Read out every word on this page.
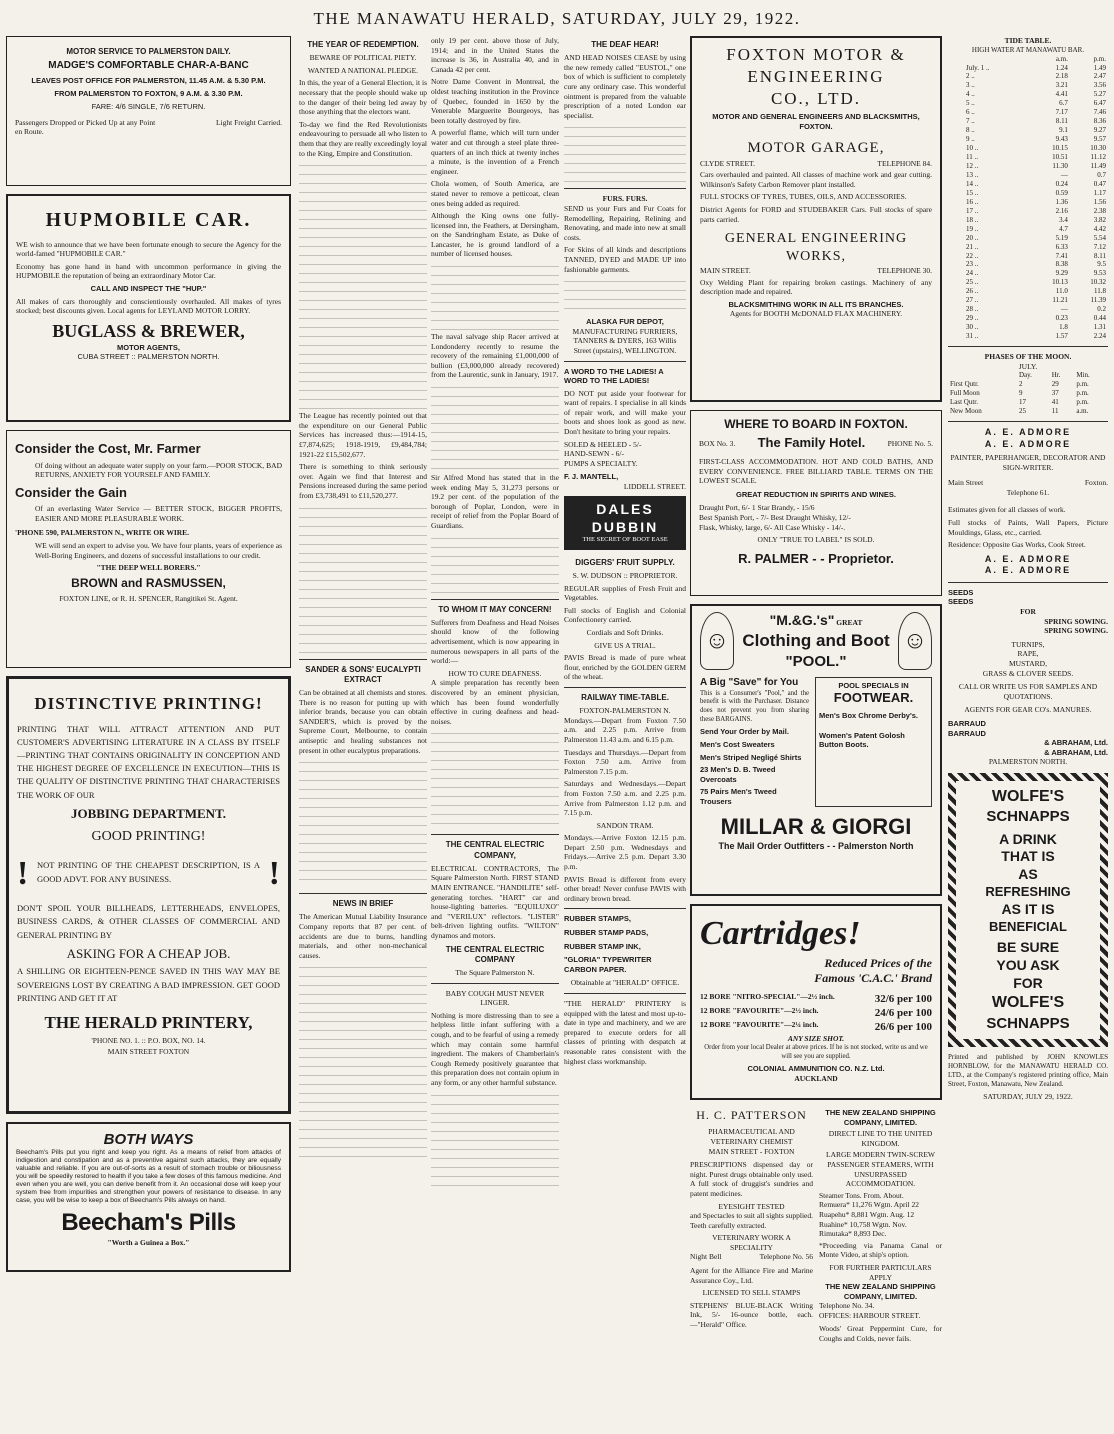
THE MANAWATU HERALD, SATURDAY, JULY 29, 1922.
MOTOR SERVICE TO PALMERSTON DAILY.
MADGE'S COMFORTABLE CHAR-A-BANC
LEAVES POST OFFICE FOR PALMERSTON, 11.45 A.M. & 5.30 P.M.
FROM PALMERSTON TO FOXTON, 9 A.M. & 3.30 P.M.
FARE: 4/6 SINGLE, 7/6 RETURN.
Passengers Dropped or Picked Up at any Point en Route.
Light Freight Carried.
HUPMOBILE CAR.
WE wish to announce that we have been fortunate enough to secure the Agency for the world-famed "HUPMOBILE CAR."
Economy has gone hand in hand with uncommon performance in giving the HUPMOBILE the reputation of being an extraordinary Motor Car.
CALL AND INSPECT THE "HUP."
All makes of cars thoroughly and conscientiously overhauled. All makes of tyres stocked; best discounts given. Local agents for LEYLAND MOTOR LORRY.
BUGLASS & BREWER,
MOTOR AGENTS,
CUBA STREET :: PALMERSTON NORTH.
Consider the Cost, Mr. Farmer
Of doing without an adequate water supply on your farm.—POOR STOCK, BAD RETURNS, ANXIETY FOR YOURSELF AND FAMILY.
Consider the Gain
Of an everlasting Water Service — BETTER STOCK, BIGGER PROFITS, EASIER AND MORE PLEASURABLE WORK.
'PHONE 590, PALMERSTON N., WRITE OR WIRE.
WE will send an expert to advise you. We have four plants, years of experience as Well-Boring Engineers, and dozens of successful installations to our credit.
"THE DEEP WELL BORERS."
BROWN and RASMUSSEN,
FOXTON LINE, or R. H. SPENCER, Rangitikei St. Agent.
DISTINCTIVE PRINTING!
PRINTING THAT WILL ATTRACT ATTENTION AND PUT CUSTOMER'S ADVERTISING LITERATURE IN A CLASS BY ITSELF—PRINTING THAT CONTAINS ORIGINALITY IN CONCEPTION AND THE HIGHEST DEGREE OF EXCELLENCE IN EXECUTION—THIS IS THE QUALITY OF DISTINCTIVE PRINTING THAT CHARACTERISES THE WORK OF OUR
JOBBING DEPARTMENT.
GOOD PRINTING!
!	NOT PRINTING OF THE CHEAPEST DESCRIPTION, IS A GOOD ADVT. FOR ANY BUSINESS.	!
DON'T SPOIL YOUR BILLHEADS, LETTERHEADS, ENVELOPES, BUSINESS CARDS, & OTHER CLASSES OF COMMERCIAL AND GENERAL PRINTING BY
ASKING FOR A CHEAP JOB.
A SHILLING OR EIGHTEEN-PENCE SAVED IN THIS WAY MAY BE SOVEREIGNS LOST BY CREATING A BAD IMPRESSION. GET GOOD PRINTING AND GET IT AT
THE HERALD PRINTERY,
'PHONE NO. 1. :: P.O. BOX, NO. 14.
MAIN STREET FOXTON
BOTH WAYS
Beecham's Pills put you right and keep you right. As a means of relief from attacks of indigestion and constipation and as a preventive against such attacks, they are equally valuable and reliable. If you are out-of-sorts as a result of stomach trouble or biliousness you will be speedily restored to health if you take a few doses of this famous medicine. And even when you are well, you can derive benefit from it. An occasional dose will keep your system free from impurities and strengthen your powers of resistance to disease. In any case, you will be wise to keep a box of Beecham's Pills always on hand.
Beecham's Pills
"Worth a Guinea a Box."
THE YEAR OF REDEMPTION.
BEWARE OF POLITICAL PIETY.
WANTED A NATIONAL PLEDGE.
In this, the year of a General Election, it is necessary that the people should wake up to the danger of their being led away by those anything that the electors want.
To-day we find the Red Revolutionists endeavouring to persuade all who listen to them that they are really exceedingly loyal to the King, Empire and Constitution.
The League has recently pointed out that the expenditure on our General Public Services has increased thus:—1914-15, £7,874,625; 1918-1919, £9,484,784; 1921-22 £15,502,677.
There is something to think seriously over. Again we find that Interest and Pensions increased during the same period from £3,738,491 to £11,520,277.
SANDER & SONS' EUCALYPTI EXTRACT
Can be obtained at all chemists and stores. There is no reason for putting up with inferior brands, because you can obtain SANDER'S, which is proved by the Supreme Court, Melbourne, to contain antiseptic and healing substances not present in other eucalyptus preparations.
NEWS IN BRIEF
The American Mutual Liability Insurance Company reports that 87 per cent. of accidents are due to burns, handling materials, and other non-mechanical causes.
only 19 per cent. above those of July, 1914; and in the United States the increase is 36, in Australia 40, and in Canada 42 per cent.
Notre Dame Convent in Montreal, the oldest teaching institution in the Province of Quebec, founded in 1650 by the Venerable Marguerite Bourgeoys, has been totally destroyed by fire.
A powerful flame, which will turn under water and cut through a steel plate three-quarters of an inch thick at twenty inches a minute, is the invention of a French engineer.
Chola women, of South America, are stated never to remove a petticoat, clean ones being added as required.
Although the King owns one fully-licensed inn, the Feathers, at Dersingham, on the Sandringham Estate, as Duke of Lancaster, he is ground landlord of a number of licensed houses.
The naval salvage ship Racer arrived at Londonderry recently to resume the recovery of the remaining £1,000,000 of bullion (£3,000,000 already recovered) from the Laurentic, sunk in January, 1917.
Sir Alfred Mond has stated that in the week ending May 5, 31,273 persons or 19.2 per cent. of the population of the borough of Poplar, London, were in receipt of relief from the Poplar Board of Guardians.
TO WHOM IT MAY CONCERN!
Sufferers from Deafness and Head Noises should know of the following advertisement, which is now appearing in numerous newspapers in all parts of the world:—
HOW TO CURE DEAFNESS.
A simple preparation has recently been discovered by an eminent physician, which has been found wonderfully effective in curing deafness and head-noises.
THE CENTRAL ELECTRIC COMPANY,
ELECTRICAL CONTRACTORS, The Square Palmerston North. FIRST STAND MAIN ENTRANCE. "HANDILITE" self-generating torches. "HART" car and house-lighting batteries. "EQUILUXO" and "VERILUX" reflectors. "LISTER" belt-driven lighting outfits. "WILTON" dynamos and motors.
THE CENTRAL ELECTRIC COMPANY
The Square Palmerston N.
BABY COUGH MUST NEVER LINGER.
Nothing is more distressing than to see a helpless little infant suffering with a cough, and to be fearful of using a remedy which may contain some harmful ingredient. The makers of Chamberlain's Cough Remedy positively guarantee that this preparation does not contain opium in any form, or any other harmful substance.
THE DEAF HEAR!
AND HEAD NOISES CEASE by using the new remedy called "EUSTOL," one box of which is sufficient to completely cure any ordinary case. This wonderful ointment is prepared from the valuable prescription of a noted London ear specialist.
FURS. FURS.
SEND us your Furs and Fur Coats for Remodelling, Repairing, Relining and Renovating, and made into new at small costs.
For Skins of all kinds and descriptions TANNED, DYED and MADE UP into fashionable garments.
ALASKA FUR DEPOT,
MANUFACTURING FURRIERS, TANNERS & DYERS, 163 Willis Street (upstairs), WELLINGTON.
A WORD TO THE LADIES! A WORD TO THE LADIES!
DO NOT put aside your footwear for want of repairs. I specialise in all kinds of repair work, and will make your boots and shoes look as good as new. Don't hesitate to bring your repairs.
SOLED & HEELED - 5/-
HAND-SEWN - 6/-
PUMPS A SPECIALTY.
F. J. MANTELL,
LIDDELL STREET.
DALES DUBBIN
THE SECRET OF BOOT EASE
DIGGERS' FRUIT SUPPLY.
S. W. DUDSON :: PROPRIETOR.
REGULAR supplies of Fresh Fruit and Vegetables.
Full stocks of English and Colonial Confectionery carried.
Cordials and Soft Drinks.
GIVE US A TRIAL.
PAVIS Bread is made of pure wheat flour, enriched by the GOLDEN GERM of the wheat.
RAILWAY TIME-TABLE.
FOXTON-PALMERSTON N.
Mondays.—Depart from Foxton 7.50 a.m. and 2.25 p.m. Arrive from Palmerston 11.43 a.m. and 6.15 p.m.
Tuesdays and Thursdays.—Depart from Foxton 7.50 a.m. Arrive from Palmerston 7.15 p.m.
Saturdays and Wednesdays.—Depart from Foxton 7.50 a.m. and 2.25 p.m. Arrive from Palmerston 1.12 p.m. and 7.15 p.m.
SANDON TRAM.
Mondays.—Arrive Foxton 12.15 p.m. Depart 2.50 p.m. Wednesdays and Fridays.—Arrive 2.5 p.m. Depart 3.30 p.m.
PAVIS Bread is different from every other bread! Never confuse PAVIS with ordinary brown bread.
RUBBER STAMPS,
RUBBER STAMP PADS,
RUBBER STAMP INK,
"GLORIA" TYPEWRITER CARBON PAPER.
Obtainable at "HERALD" OFFICE.
"THE HERALD" PRINTERY is equipped with the latest and most up-to-date in type and machinery, and we are prepared to execute orders for all classes of printing with despatch at reasonable rates consistent with the highest class workmanship.
FOXTON MOTOR &
ENGINEERING
CO., LTD.
MOTOR AND GENERAL ENGINEERS AND BLACKSMITHS, FOXTON.
MOTOR GARAGE,
CLYDE STREET.	TELEPHONE 84.
Cars overhauled and painted. All classes of machine work and gear cutting. Wilkinson's Safety Carbon Remover plant installed.
FULL STOCKS OF TYRES, TUBES, OILS, AND ACCESSORIES.
District Agents for FORD and STUDEBAKER Cars. Full stocks of spare parts carried.
GENERAL ENGINEERING WORKS,
MAIN STREET.	TELEPHONE 30.
Oxy Welding Plant for repairing broken castings. Machinery of any description made and repaired.
BLACKSMITHING WORK IN ALL ITS BRANCHES.
Agents for BOOTH McDONALD FLAX MACHINERY.
WHERE TO BOARD IN FOXTON.
BOX No. 3. The Family Hotel.	PHONE No. 5.
FIRST-CLASS ACCOMMODATION. HOT AND COLD BATHS, AND EVERY CONVENIENCE. FREE BILLIARD TABLE. TERMS ON THE LOWEST SCALE.
GREAT REDUCTION IN SPIRITS AND WINES.
Draught Port, 6/- 1 Star Brandy, - 15/6
Best Spanish Port, - 7/- Best Draught Whisky, 12/-
Flask, Whisky, large, 6/- All Case Whisky - 14/-.
ONLY "TRUE TO LABEL" IS SOLD.
R. PALMER - - Proprietor.
☺
"M.&G.'s" GREAT
Clothing and Boot
"POOL."
☺
A Big "Save" for You
This is a Consumer's "Pool," and the benefit is with the Purchaser. Distance does not prevent you from sharing these BARGAINS.
Send Your Order by Mail.
Men's Cost Sweaters
Men's Striped Negligé Shirts
23 Men's D. B. Tweed Overcoats
75 Pairs Men's Tweed Trousers
POOL SPECIALS IN
FOOTWEAR.
Men's Box Chrome Derby's.
Women's Patent Golosh Button Boots.
MILLAR & GIORGI
The Mail Order Outfitters - - Palmerston North
Cartridges!
Reduced Prices of the
Famous 'C.A.C.' Brand
12 BORE "NITRO-SPECIAL"—2½ inch.	32/6 per 100
12 BORE "FAVOURITE"—2½ inch.	24/6 per 100
12 BORE "FAVOURITE"—2¼ inch.	26/6 per 100
ANY SIZE SHOT.
Order from your local Dealer at above prices. If he is not stocked, write us and we will see you are supplied.
COLONIAL AMMUNITION CO. N.Z. Ltd.
AUCKLAND
H. C. PATTERSON
PHARMACEUTICAL AND VETERINARY CHEMIST
MAIN STREET - FOXTON
PRESCRIPTIONS dispensed day or night. Purest drugs obtainable only used. A full stock of druggist's sundries and patent medicines.
EYESIGHT TESTED
and Spectacles to suit all sights supplied. Teeth carefully extracted.
VETERINARY WORK A SPECIALITY
Night Bell	Telephone No. 56
Agent for the Alliance Fire and Marine Assurance Coy., Ltd.
LICENSED TO SELL STAMPS
STEPHENS' BLUE-BLACK Writing Ink, 5/- 16-ounce bottle, each. —"Herald" Office.
THE NEW ZEALAND SHIPPING COMPANY, LIMITED.
DIRECT LINE TO THE UNITED KINGDOM.
LARGE MODERN TWIN-SCREW PASSENGER STEAMERS, WITH UNSURPASSED ACCOMMODATION.
Steamer Tons. From. About.
Remuera* 11,276 Wgtn. April 22
Ruapehu* 8,881 Wgtn. Aug. 12
Ruahine* 10,758 Wgtn. Nov.
Rimutaka* 8,893 Dec.
*Proceeding via Panama Canal or Monte Video, at ship's option.
FOR FURTHER PARTICULARS APPLY
THE NEW ZEALAND SHIPPING COMPANY, LIMITED.
Telephone No. 34.
OFFICES: HARBOUR STREET.
Woods' Great Peppermint Cure, for Coughs and Colds, never fails.
TIDE TABLE.
HIGH WATER AT MANAWATU BAR.
	a.m.	p.m.
July. 1 ..	1.24	1.49
2 ..	2.18	2.47
3 ..	3.21	3.56
4 ..	4.41	5.27
5 ..	6.7	6.47
6 ..	7.17	7.46
7 ..	8.11	8.36
8 ..	9.1	9.27
9 ..	9.43	9.57
10 ..	10.15	10.30
11 ..	10.51	11.12
12 ..	11.30	11.49
13 ..	—	0.7
14 ..	0.24	0.47
15 ..	0.59	1.17
16 ..	1.36	1.56
17 ..	2.16	2.38
18 ..	3.4	3.82
19 ..	4.7	4.42
20 ..	5.19	5.54
21 ..	6.33	7.12
22 ..	7.41	8.11
23 ..	8.38	9.5
24 ..	9.29	9.53
25 ..	10.13	10.32
26 ..	11.0	11.8
27 ..	11.21	11.39
28 ..	—	0.2
29 ..	0.23	0.44
30 ..	1.8	1.31
31 ..	1.57	2.24
PHASES OF THE MOON.
JULY.
	Day.	Hr.	Min.
First Qutr.	2	29	p.m.
Full Moon	9	37	p.m.
Last Qutr.	17	41	p.m.
New Moon	25	11	a.m.
A. E. ADMORE
A. E. ADMORE
PAINTER, PAPERHANGER, DECORATOR AND SIGN-WRITER.
Main Street	Foxton.
Telephone 61.
Estimates given for all classes of work.
Full stocks of Paints, Wall Papers, Picture Mouldings, Glass, etc., carried.
Residence: Opposite Gas Works, Cook Street.
A. E. ADMORE
A. E. ADMORE
SEEDS
SEEDS
FOR
SPRING SOWING.
SPRING SOWING.
TURNIPS,
RAPE,
MUSTARD,
GRASS & CLOVER SEEDS.
CALL OR WRITE US FOR SAMPLES AND QUOTATIONS.
AGENTS FOR GEAR CO's. MANURES.
BARRAUD
BARRAUD
& ABRAHAM, Ltd.
& ABRAHAM, Ltd.
PALMERSTON NORTH.
WOLFE'S
SCHNAPPS
A DRINK
THAT IS
AS
REFRESHING
AS IT IS
BENEFICIAL
BE SURE
YOU ASK
FOR
WOLFE'S
SCHNAPPS
Printed and published by JOHN KNOWLES HORNBLOW, for the MANAWATU HERALD CO. LTD., at the Company's registered printing office, Main Street, Foxton, Manawatu, New Zealand.
SATURDAY, JULY 29, 1922.
